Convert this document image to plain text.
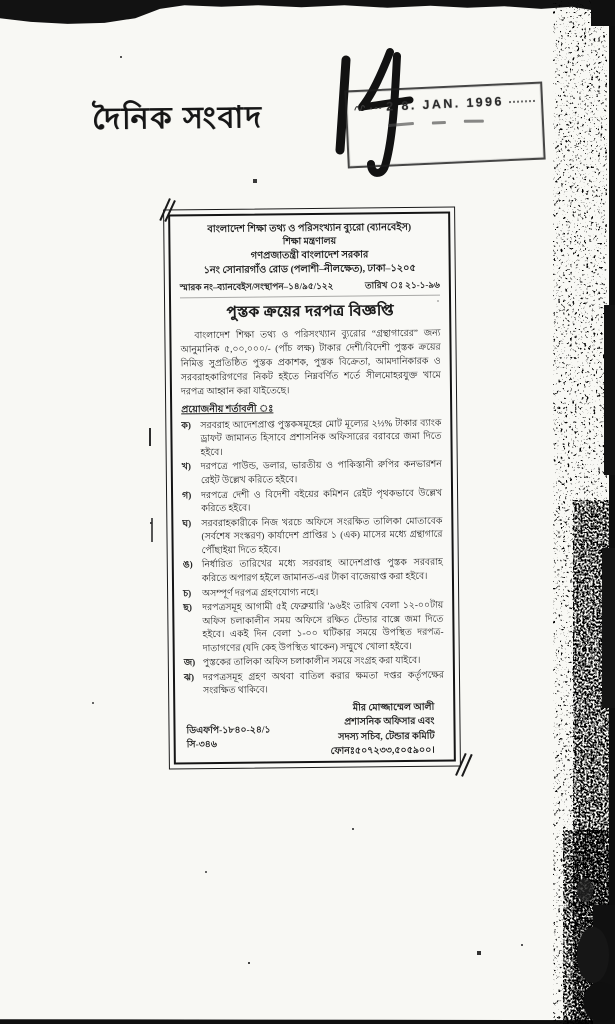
দৈনিক সংবাদ	2 8. JAN. 1996
বাংলাদেশ শিক্ষা তথ্য ও পরিসংখ্যান ব্যুরো (ব্যানবেইস)
শিক্ষা মন্ত্রণালয়
গণপ্রজাতন্ত্রী বাংলাদেশ সরকার
১নং সোনারগাঁও রোড (পলাশী–নীলক্ষেত), ঢাকা–১২০৫
স্মারক নং–ব্যানবেইস/সংস্থাপন–১৪/৯৫/১২২	তারিখ ঃ ২১-১-৯৬
পুস্তক ক্রয়ের দরপত্র বিজ্ঞপ্তি
বাংলাদেশ শিক্ষা তথ্য ও পরিসংখ্যান ব্যুরোর “গ্রন্থাগারের” জন্য আনুমানিক ৫,০০,০০০/- (পাঁচ লক্ষ) টাকার দেশী/বিদেশী পুস্তক ক্রয়ের নিমিত্ত সুপ্রতিষ্ঠিত পুস্তক প্রকাশক, পুস্তক বিক্রেতা, আমদানিকারক ও সরবরাহকারিগণের নিকট হইতে নিম্নবর্ণিত শর্তে সীলমোহরযুক্ত খামে দরপত্র আহ্বান করা যাইতেছে।
প্রয়োজনীয় শর্তাবলী ঃ
ক) সরবরাহ আদেশপ্রাপ্ত পুস্তকসমূহের মোট মূল্যের ২½% টাকার ব্যাংক ড্রাফট জামানত হিসাবে প্রশাসনিক অফিসারের বরাবরে জমা দিতে হইবে।
খ)	দরপত্রে পাউন্ড, ডলার, ভারতীয় ও পাকিস্তানী রুপির কনভারশন রেইট উল্লেখ করিতে হইবে।
গ)	দরপত্রে দেশী ও বিদেশী বইয়ের কমিশন রেইট পৃথকভাবে উল্লেখ করিতে হইবে।
ঘ)	সরবরাহকারীকে নিজ খরচে অফিসে সংরক্ষিত তালিকা মোতাবেক (সর্বশেষ সংস্করণ) কার্যাদেশ প্রাপ্তির ১ (এক) মাসের মধ্যে গ্রন্থাগারে পৌঁছাইয়া দিতে হইবে।
ঙ) নির্ধারিত তারিখের মধ্যে সরবরাহ আদেশপ্রাপ্ত পুস্তক সরবরাহ করিতে অপারগ হইলে জামানত-এর টাকা বাজেয়াপ্ত করা হইবে।
চ)	অসম্পূর্ণ দরপত্র গ্রহণযোগ্য নহে।
ছ)	দরপত্রসমূহ আগামী ৫ই ফেব্রুয়ারি '৯৬ইং তারিখ বেলা ১২-০০টায় অফিস চলাকালীন সময় অফিসে রক্ষিত টেন্ডার বাক্সে জমা দিতে হইবে। একই দিন বেলা ১-০০ ঘটিকার সময়ে উপস্থিত দরপত্র-দাতাগণের (যদি কেহ উপস্থিত থাকেন) সম্মুখে খোলা হইবে।
জ) পুস্তকের তালিকা অফিস চলাকালীন সময়ে সংগ্রহ করা যাইবে।
ঝ) দরপত্রসমূহ গ্রহণ অথবা বাতিল করার ক্ষমতা দপ্তর কর্তৃপক্ষের সংরক্ষিত থাকিবে।
মীর মোজ্জাম্মেল আলী
প্রশাসনিক অফিসার এবং
সদস্য সচিব, টেন্ডার কমিটি
ফোনঃ৫০৭২৩৩,৫০৫৯০০।
ডিএফপি-১৮৪০-২৪/১
সি-৩৪৬
